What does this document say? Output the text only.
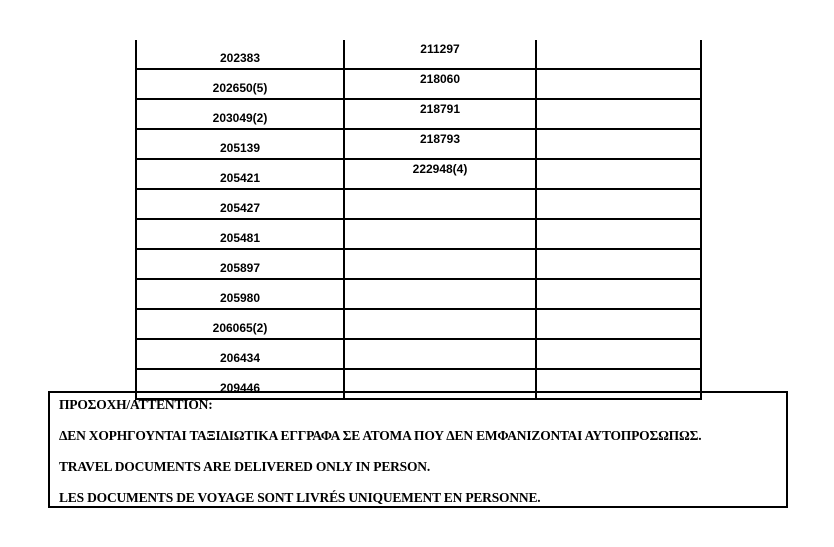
202383	211297	
202650(5)	218060	
203049(2)	218791	
205139	218793	
205421	222948(4)	
205427		
205481		
205897		
205980		
206065(2)		
206434		
209446		

ΠΡΟΣΟΧΗ/ATTENTION:

ΔΕΝ ΧΟΡΗΓΟΥΝΤΑΙ ΤΑΞΙΔΙΩΤΙΚΑ ΕΓΓΡΑΦΑ ΣΕ ΑΤΟΜΑ ΠΟΥ ΔΕΝ ΕΜΦΑΝΙΖΟΝΤΑΙ ΑΥΤΟΠΡΟΣΩΠΩΣ.

TRAVEL DOCUMENTS ARE DELIVERED ONLY IN PERSON.

LES DOCUMENTS DE VOYAGE SONT LIVRÉS UNIQUEMENT EN PERSONNE.
